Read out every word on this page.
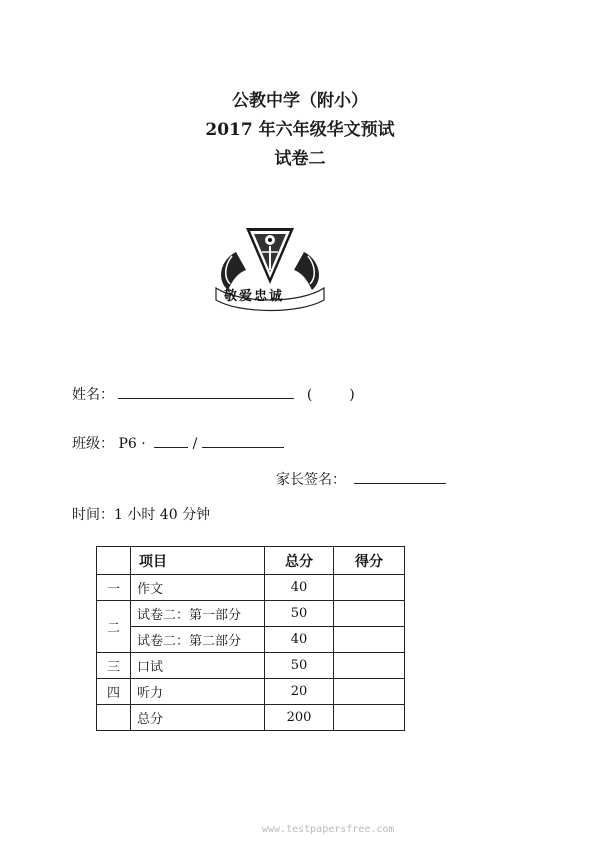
公教中学（附小）
2017 年六年级华文预试
试卷二
敬爱忠诚
姓名：	(	)
班级： P6 ·	/
家长签名：
时间：1 小时 40 分钟
	项目	总分	得分
一	作文	40	
二	试卷二：第一部分	50	
	试卷二：第二部分	40	
三	口试	50	
四	听力	20	
	总分	200	
www.testpapersfree.com
